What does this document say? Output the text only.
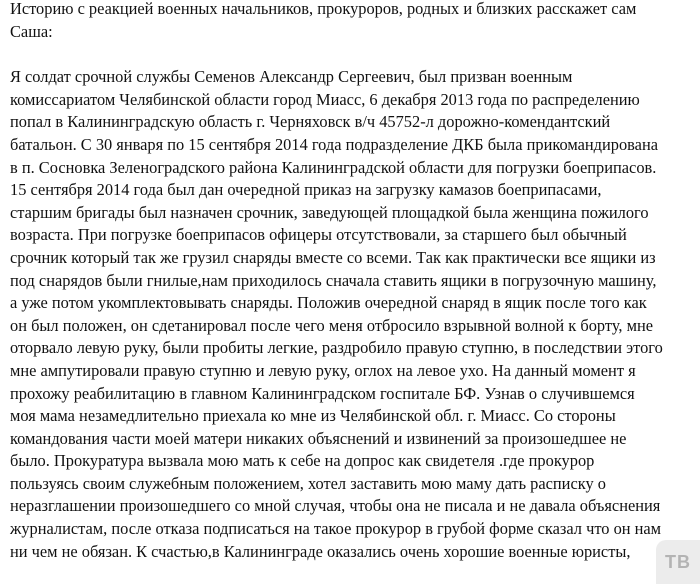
Историю с реакцией военных начальников, прокуроров, родных и близких расскажет сам
Саша:
Я солдат срочной службы Семенов Александр Сергеевич, был призван военным
комиссариатом Челябинской области город Миасс, 6 декабря 2013 года по распределению
попал в Калининградскую область г. Черняховск в/ч 45752-л дорожно-комендантский
батальон. С 30 января по 15 сентября 2014 года подразделение ДКБ была прикомандирована
в п. Сосновка Зеленоградского района Калининградской области для погрузки боеприпасов.
15 сентября 2014 года был дан очередной приказ на загрузку камазов боеприпасами,
старшим бригады был назначен срочник, заведующей площадкой была женщина пожилого
возраста. При погрузке боеприпасов офицеры отсутствовали, за старшего был обычный
срочник который так же грузил снаряды вместе со всеми. Так как практически все ящики из
под снарядов были гнилые,нам приходилось сначала ставить ящики в погрузочную машину,
а уже потом укомплектовывать снаряды. Положив очередной снаряд в ящик после того как
он был положен, он сдетанировал после чего меня отбросило взрывной волной к борту, мне
оторвало левую руку, были пробиты легкие, раздробило правую ступню, в последствии этого
мне ампутировали правую ступню и левую руку, оглох на левое ухо. На данный момент я
прохожу реабилитацию в главном Калининградском госпитале БФ. Узнав о случившемся
моя мама незамедлительно приехала ко мне из Челябинской обл. г. Миасс. Со стороны
командования части моей матери никаких объяснений и извинений за произошедшее не
было. Прокуратура вызвала мою мать к себе на допрос как свидетеля .где прокурор
пользуясь своим служебным положением, хотел заставить мою маму дать расписку о
неразглашении произошедшего со мной случая, чтобы она не писала и не давала объяснения
журналистам, после отказа подписаться на такое прокурор в грубой форме сказал что он нам
ни чем не обязан. К счастью,в Калининграде оказались очень хорошие военные юристы,
ТВ
